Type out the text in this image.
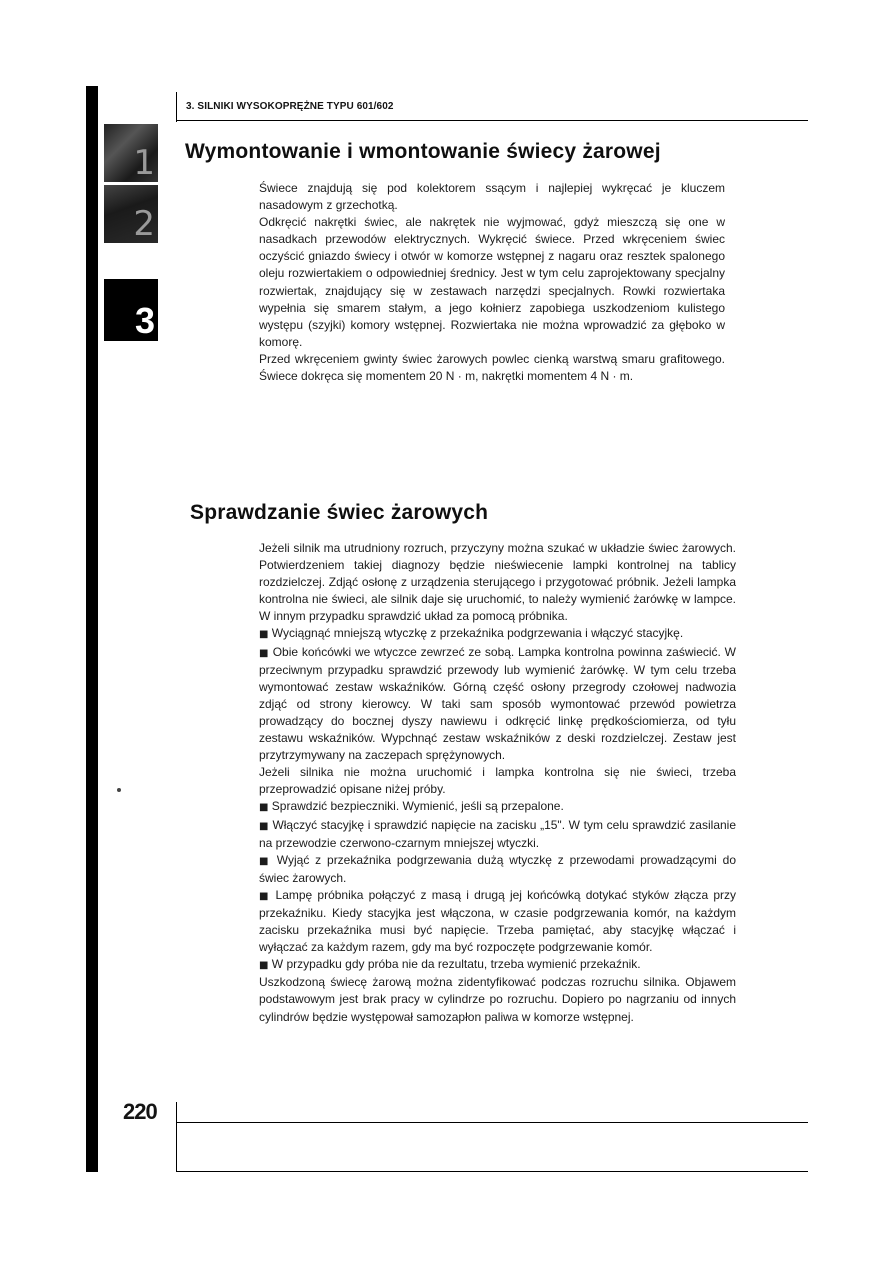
1
2
3

3. SILNIKI WYSOKOPRĘŻNE TYPU 601/602

Wymontowanie i wmontowanie świecy żarowej

Świece znajdują się pod kolektorem ssącym i najlepiej wykręcać je kluczem nasadowym z grzechotką.

Odkręcić nakrętki świec, ale nakrętek nie wyjmować, gdyż mieszczą się one w nasadkach przewodów elektrycznych. Wykręcić świece. Przed wkręceniem świec oczyścić gniazdo świecy i otwór w komorze wstępnej z nagaru oraz resztek spalonego oleju rozwiertakiem o odpowiedniej średnicy. Jest w tym celu zaprojektowany specjalny rozwiertak, znajdujący się w zestawach narzędzi specjalnych. Rowki rozwiertaka wypełnia się smarem stałym, a jego kołnierz zapobiega uszkodzeniom kulistego występu (szyjki) komory wstępnej. Rozwiertaka nie można wprowadzić za głęboko w komorę.

Przed wkręceniem gwinty świec żarowych powlec cienką warstwą smaru grafitowego. Świece dokręca się momentem 20 N · m, nakrętki momentem 4 N · m.

Sprawdzanie świec żarowych

Jeżeli silnik ma utrudniony rozruch, przyczyny można szukać w układzie świec żarowych. Potwierdzeniem takiej diagnozy będzie nieświecenie lampki kontrolnej na tablicy rozdzielczej. Zdjąć osłonę z urządzenia sterującego i przygotować próbnik. Jeżeli lampka kontrolna nie świeci, ale silnik daje się uruchomić, to należy wymienić żarówkę w lampce. W innym przypadku sprawdzić układ za pomocą próbnika.

■ Wyciągnąć mniejszą wtyczkę z przekaźnika podgrzewania i włączyć stacyjkę.

■ Obie końcówki we wtyczce zewrzeć ze sobą. Lampka kontrolna powinna zaświecić. W przeciwnym przypadku sprawdzić przewody lub wymienić żarówkę. W tym celu trzeba wymontować zestaw wskaźników. Górną część osłony przegrody czołowej nadwozia zdjąć od strony kierowcy. W taki sam sposób wymontować przewód powietrza prowadzący do bocznej dyszy nawiewu i odkręcić linkę prędkościomierza, od tyłu zestawu wskaźników. Wypchnąć zestaw wskaźników z deski rozdzielczej. Zestaw jest przytrzymywany na zaczepach sprężynowych.

Jeżeli silnika nie można uruchomić i lampka kontrolna się nie świeci, trzeba przeprowadzić opisane niżej próby.

■ Sprawdzić bezpieczniki. Wymienić, jeśli są przepalone.

■ Włączyć stacyjkę i sprawdzić napięcie na zacisku „15". W tym celu sprawdzić zasilanie na przewodzie czerwono-czarnym mniejszej wtyczki.

■ Wyjąć z przekaźnika podgrzewania dużą wtyczkę z przewodami prowadzącymi do świec żarowych.

■ Lampę próbnika połączyć z masą i drugą jej końcówką dotykać styków złącza przy przekaźniku. Kiedy stacyjka jest włączona, w czasie podgrzewania komór, na każdym zacisku przekaźnika musi być napięcie. Trzeba pamiętać, aby stacyjkę włączać i wyłączać za każdym razem, gdy ma być rozpoczęte podgrzewanie komór.

■ W przypadku gdy próba nie da rezultatu, trzeba wymienić przekaźnik.

Uszkodzoną świecę żarową można zidentyfikować podczas rozruchu silnika. Objawem podstawowym jest brak pracy w cylindrze po rozruchu. Dopiero po nagrzaniu od innych cylindrów będzie występował samozapłon paliwa w komorze wstępnej.

220
